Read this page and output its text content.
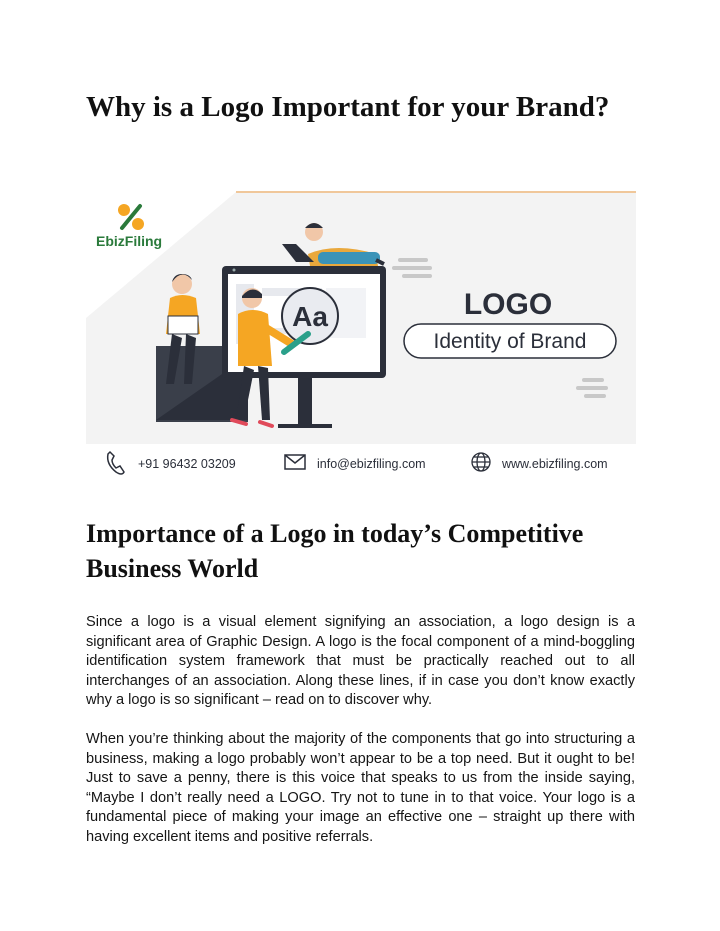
Why is a Logo Important for your Brand?
EbizFiling
Aa	LOGO
Identity of Brand
+91 96432 03209	info@ebizfiling.com	www.ebizfiling.com
Importance of a Logo in today’s Competitive Business World

Since a logo is a visual element signifying an association, a logo design is a significant area of Graphic Design. A logo is the focal component of a mind-boggling identification system framework that must be practically reached out to all interchanges of an association. Along these lines, if in case you don’t know exactly why a logo is so significant – read on to discover why.

When you’re thinking about the majority of the components that go into structuring a business, making a logo probably won’t appear to be a top need. But it ought to be! Just to save a penny, there is this voice that speaks to us from the inside saying, “Maybe I don’t really need a LOGO. Try not to tune in to that voice. Your logo is a fundamental piece of making your image an effective one – straight up there with having excellent items and positive referrals.
